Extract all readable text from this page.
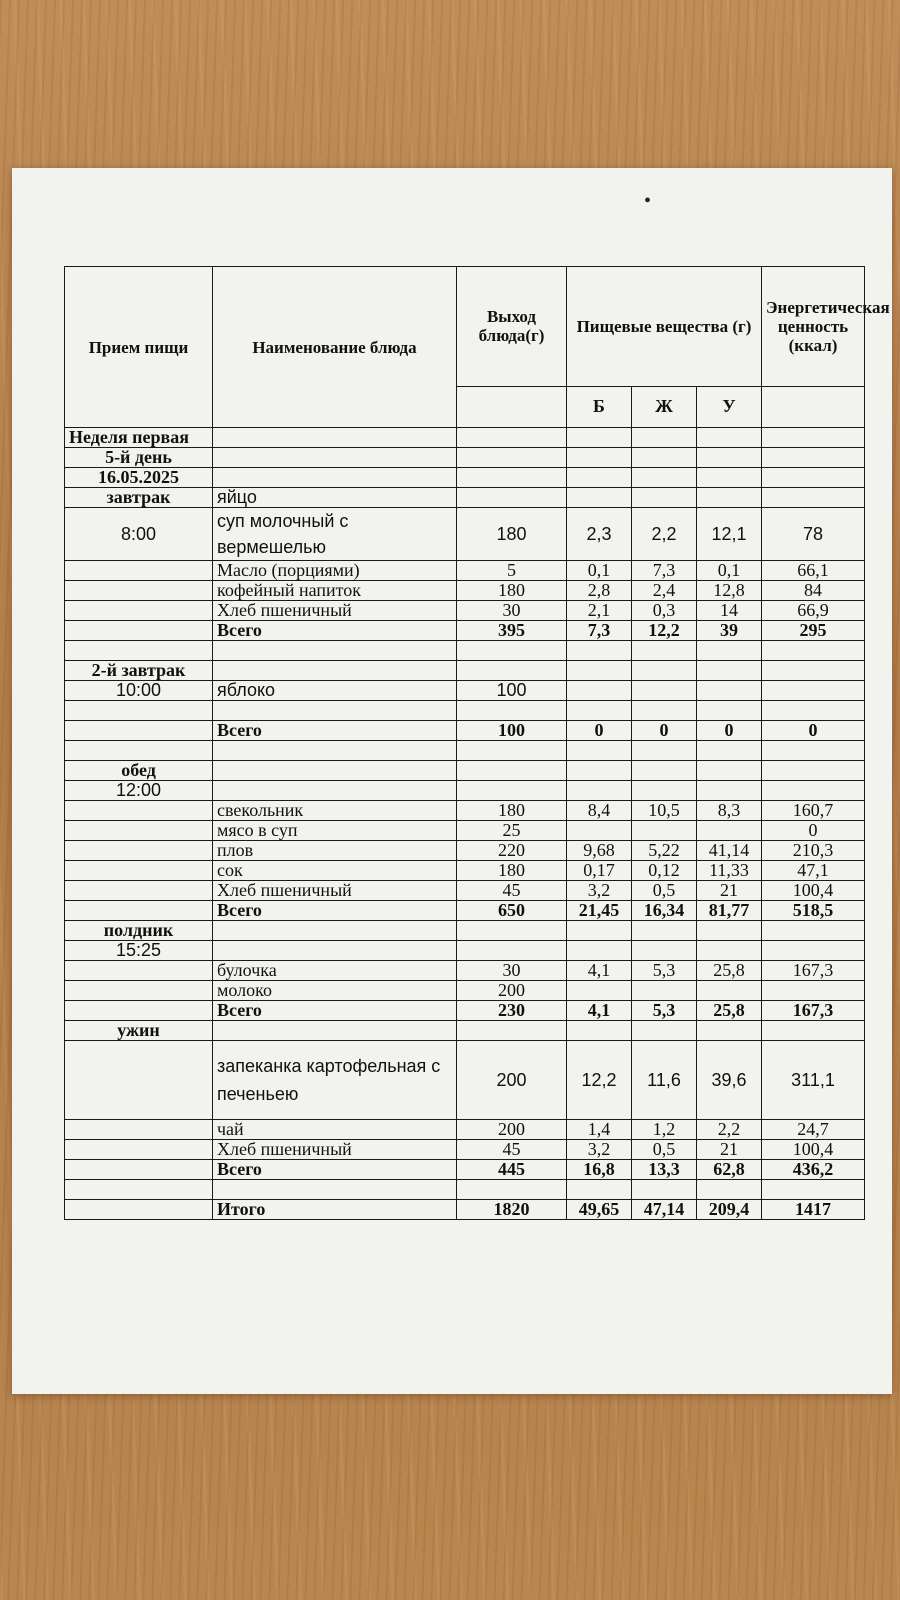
•
Прием пищи	Наименование блюда	Выход блюда(г)	Пищевые вещества (г)			Энергетическая ценность (ккал)
			Б	Ж	У	
Неделя первая						
5-й день						
16.05.2025						
завтрак	яйцо					
8:00	суп молочный с вермешелью	180	2,3	2,2	12,1	78
	Масло (порциями)	5	0,1	7,3	0,1	66,1
	кофейный напиток	180	2,8	2,4	12,8	84
	Хлеб пшеничный	30	2,1	0,3	14	66,9
	Всего	395	7,3	12,2	39	295

2-й завтрак						
10:00	яблоко	100				

	Всего	100	0	0	0	0

обед						
12:00						
	свекольник	180	8,4	10,5	8,3	160,7
	мясо в суп	25				0
	плов	220	9,68	5,22	41,14	210,3
	сок	180	0,17	0,12	11,33	47,1
	Хлеб пшеничный	45	3,2	0,5	21	100,4
	Всего	650	21,45	16,34	81,77	518,5
полдник						
15:25						
	булочка	30	4,1	5,3	25,8	167,3
	молоко	200				
	Всего	230	4,1	5,3	25,8	167,3
ужин						
	запеканка картофельная с печеньею	200	12,2	11,6	39,6	311,1
	чай	200	1,4	1,2	2,2	24,7
	Хлеб пшеничный	45	3,2	0,5	21	100,4
	Всего	445	16,8	13,3	62,8	436,2

	Итого	1820	49,65	47,14	209,4	1417
